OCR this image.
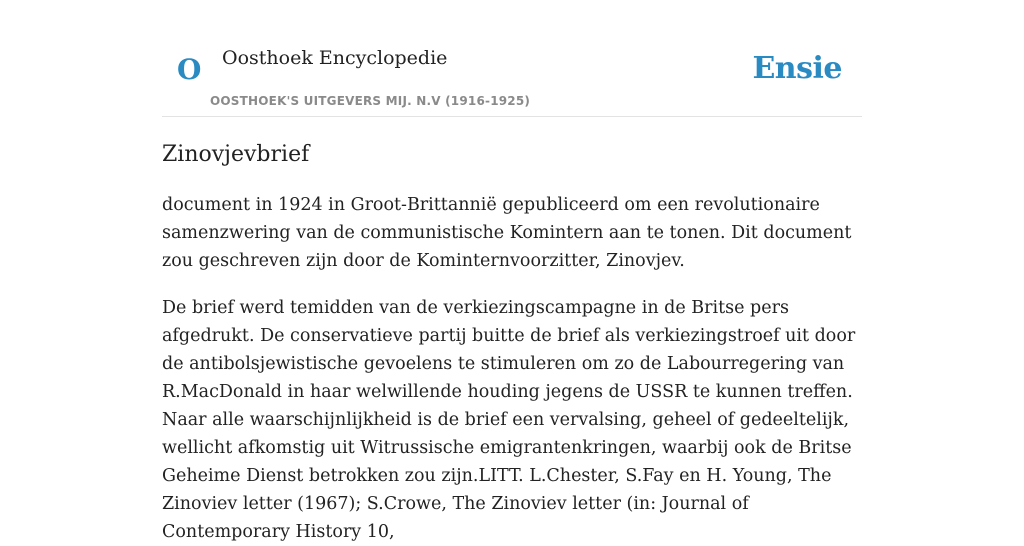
O Oosthoek Encyclopedie
OOSTHOEK'S UITGEVERS MIJ. N.V (1916-1925)
Ensie
Zinovjevbrief

document in 1924 in Groot-Brittannië gepubliceerd om een revolutionaire samenzwering van de communistische Komintern aan te tonen. Dit document zou geschreven zijn door de Kominternvoorzitter, Zinovjev.

De brief werd temidden van de verkiezingscampagne in de Britse pers afgedrukt. De conservatieve partij buitte de brief als verkiezingstroef uit door de antibolsjewistische gevoelens te stimuleren om zo de Labourregering van R.MacDonald in haar welwillende houding jegens de USSR te kunnen treffen. Naar alle waarschijnlijkheid is de brief een vervalsing, geheel of gedeeltelijk, wellicht afkomstig uit Witrussische emigrantenkringen, waarbij ook de Britse Geheime Dienst betrokken zou zijn.LITT. L.Chester, S.Fay en H. Young, The Zinoviev letter (1967); S.Crowe, The Zinoviev letter (in: Journal of Contemporary History 10,
